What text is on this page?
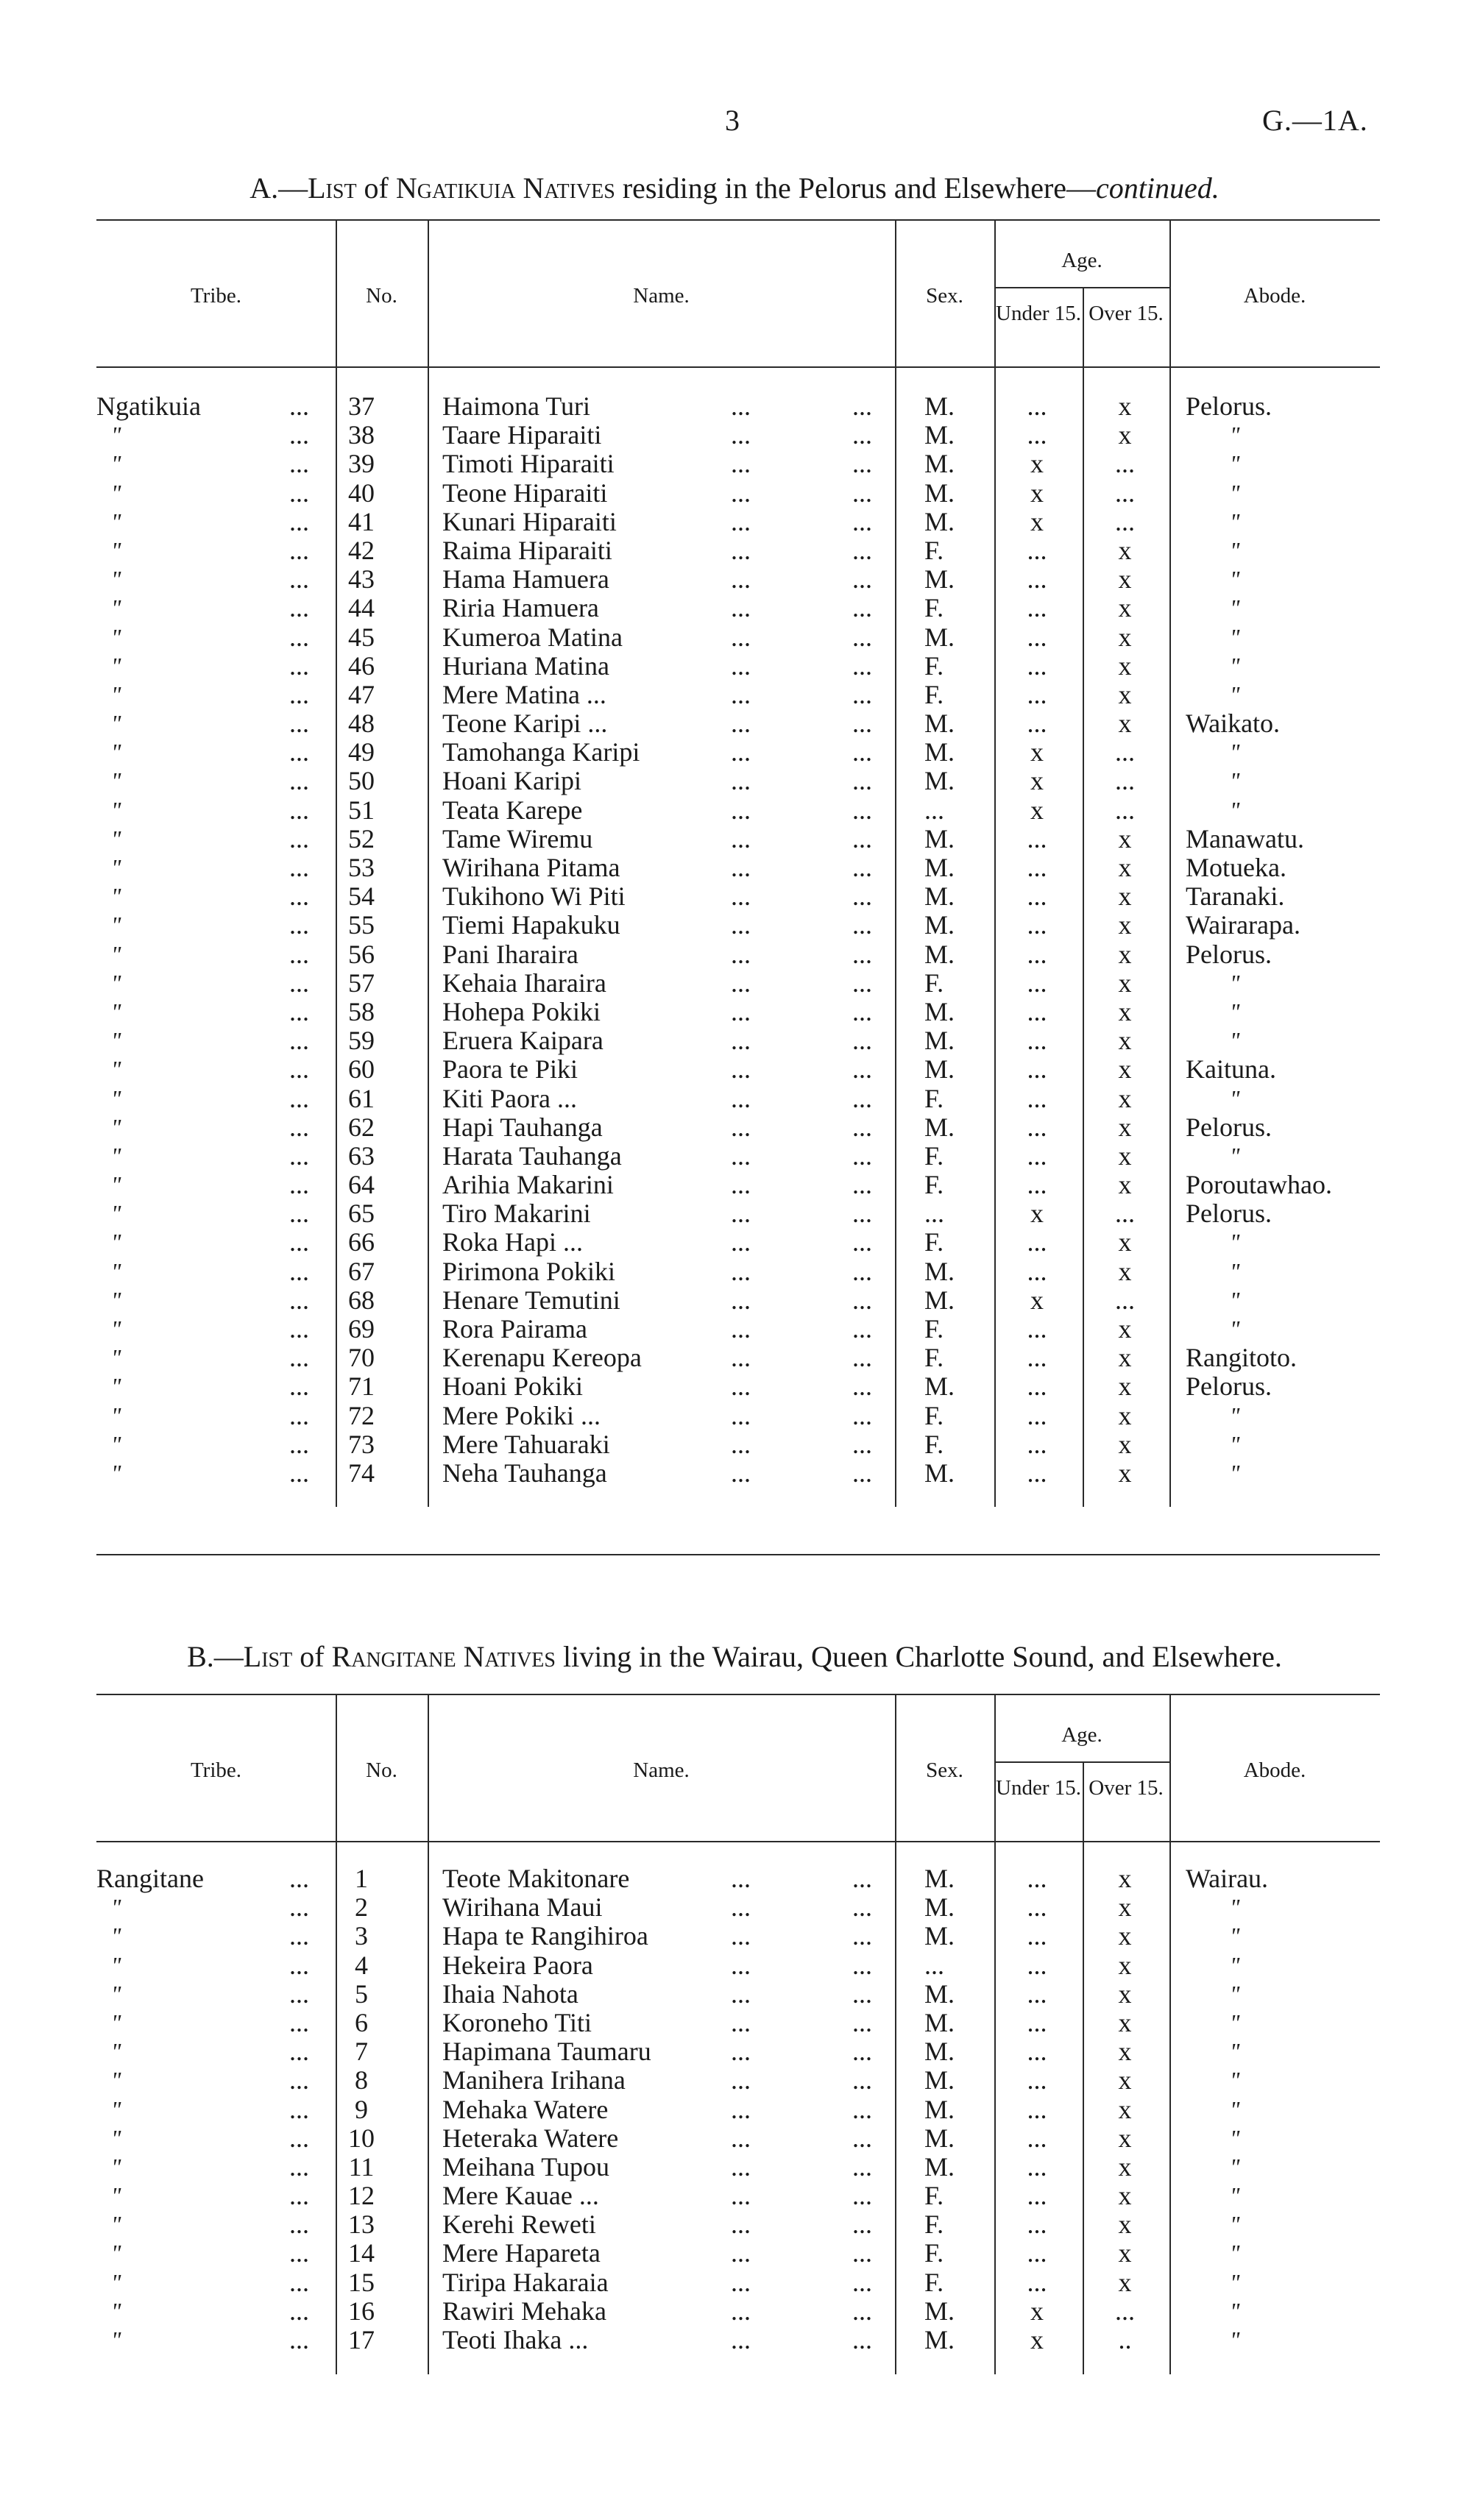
3	G.—1A.
A.—List of Ngatikuia Natives residing in the Pelorus and Elsewhere—continued.
Tribe.	No.	Name.	Sex.
Age.
Under 15. Over 15.
Abode.
Ngatikuia	...	37	Haimona Turi	...	... M.	...	x	Pelorus.
"	...	38	Taare Hiparaiti	...	... M.	...	x	"
"	...	39	Timoti Hiparaiti	...	... M.	x	...	"
"	...	40	Teone Hiparaiti	...	... M.	x	...	"
"	...	41	Kunari Hiparaiti	...	... M.	x	...	"
"	...	42	Raima Hiparaiti	...	... F.	...	x	"
"	...	43	Hama Hamuera	...	... M.	...	x	"
"	...	44	Riria Hamuera	...	... F.	...	x	"
"	...	45	Kumeroa Matina	...	... M.	...	x	"
"	...	46	Huriana Matina	...	... F.	...	x	"
"	...	47	Mere Matina ...	...	... F.	...	x	"
"	...	48	Teone Karipi ...	...	... M.	...	x	Waikato.
"	...	49	Tamohanga Karipi	...	... M.	x	...	"
"	...	50	Hoani Karipi	...	... M.	x	...	"
"	...	51	Teata Karepe	...	... ...	x	...	"
"	...	52	Tame Wiremu	...	... M.	...	x	Manawatu.
"	...	53	Wirihana Pitama	...	... M.	...	x	Motueka.
"	...	54	Tukihono Wi Piti	...	... M.	...	x	Taranaki.
"	...	55	Tiemi Hapakuku	...	... M.	...	x	Wairarapa.
"	...	56	Pani Iharaira	...	... M.	...	x	Pelorus.
"	...	57	Kehaia Iharaira	...	... F.	...	x	"
"	...	58	Hohepa Pokiki	...	... M.	...	x	"
"	...	59	Eruera Kaipara	...	... M.	...	x	"
"	...	60	Paora te Piki	...	... M.	...	x	Kaituna.
"	...	61	Kiti Paora ...	...	... F.	...	x	"
"	...	62	Hapi Tauhanga	...	... M.	...	x	Pelorus.
"	...	63	Harata Tauhanga	...	... F.	...	x	"
"	...	64	Arihia Makarini	...	... F.	...	x	Poroutawhao.
"	...	65	Tiro Makarini	...	... ...	x	...	Pelorus.
"	...	66	Roka Hapi ...	...	... F.	...	x	"
"	...	67	Pirimona Pokiki	...	... M.	...	x	"
"	...	68	Henare Temutini	...	... M.	x	...	"
"	...	69	Rora Pairama	...	... F.	...	x	"
"	...	70	Kerenapu Kereopa	...	... F.	...	x	Rangitoto.
"	...	71	Hoani Pokiki	...	... M.	...	x	Pelorus.
"	...	72	Mere Pokiki ...	...	... F.	...	x	"
"	...	73	Mere Tahuaraki	...	... F.	...	x	"
"	...	74	Neha Tauhanga	...	... M.	...	x	"
B.—List of Rangitane Natives living in the Wairau, Queen Charlotte Sound, and Elsewhere.
Tribe.	No.	Name.	Sex.
Age.
Under 15. Over 15.
Abode.
Rangitane	...	1	Teote Makitonare	...	... M.	...	x	Wairau.
"	...	2	Wirihana Maui	...	... M.	...	x	"
"	...	3	Hapa te Rangihiroa	...	... M.	...	x	"
"	...	4	Hekeira Paora	...	... ...	...	x	"
"	...	5	Ihaia Nahota	...	... M.	...	x	"
"	...	6	Koroneho Titi	...	... M.	...	x	"
"	...	7	Hapimana Taumaru	...	... M.	...	x	"
"	...	8	Manihera Irihana	...	... M.	...	x	"
"	...	9	Mehaka Watere	...	... M.	...	x	"
"	...	10	Heteraka Watere	...	... M.	...	x	"
"	...	11	Meihana Tupou	...	... M.	...	x	"
"	...	12	Mere Kauae ...	...	... F.	...	x	"
"	...	13	Kerehi Reweti	...	... F.	...	x	"
"	...	14	Mere Hapareta	...	... F.	...	x	"
"	...	15	Tiripa Hakaraia	...	... F.	...	x	"
"	...	16	Rawiri Mehaka	...	... M.	x	...	"
"	...	17	Teoti Ihaka ...	...	... M.	x	..	"
